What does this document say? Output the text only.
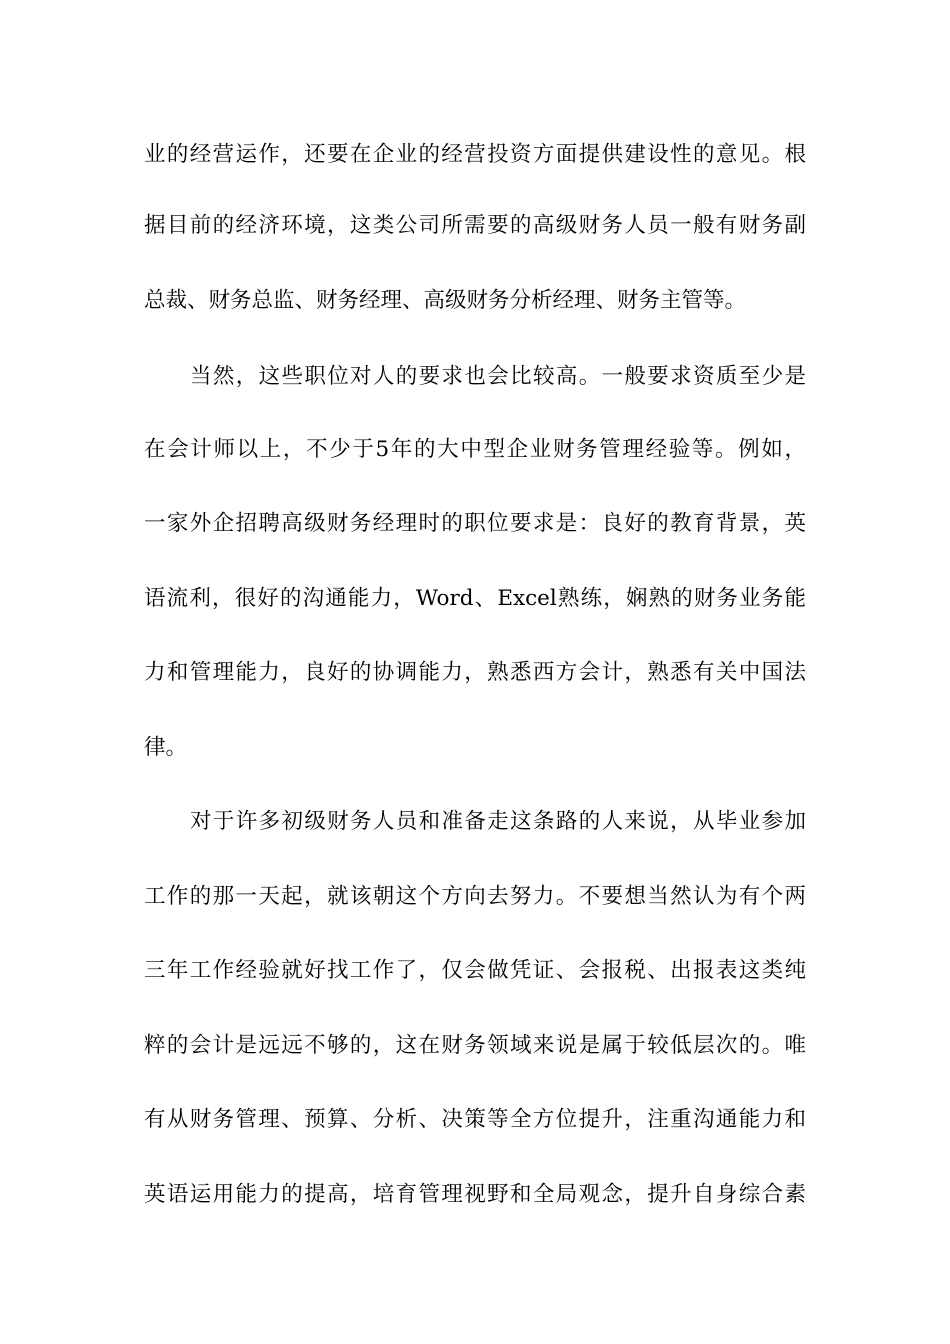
业的经营运作，还要在企业的经营投资方面提供建设性的意见。根
据目前的经济环境，这类公司所需要的高级财务人员一般有财务副
总裁、财务总监、财务经理、高级财务分析经理、财务主管等。
当然，这些职位对人的要求也会比较高。一般要求资质至少是
在会计师以上，不少于5年的大中型企业财务管理经验等。例如，
一家外企招聘高级财务经理时的职位要求是：良好的教育背景，英
语流利，很好的沟通能力，Word、Excel熟练，娴熟的财务业务能
力和管理能力，良好的协调能力，熟悉西方会计，熟悉有关中国法
律。
对于许多初级财务人员和准备走这条路的人来说，从毕业参加
工作的那一天起，就该朝这个方向去努力。不要想当然认为有个两
三年工作经验就好找工作了，仅会做凭证、会报税、出报表这类纯
粹的会计是远远不够的，这在财务领域来说是属于较低层次的。唯
有从财务管理、预算、分析、决策等全方位提升，注重沟通能力和
英语运用能力的提高，培育管理视野和全局观念，提升自身综合素
